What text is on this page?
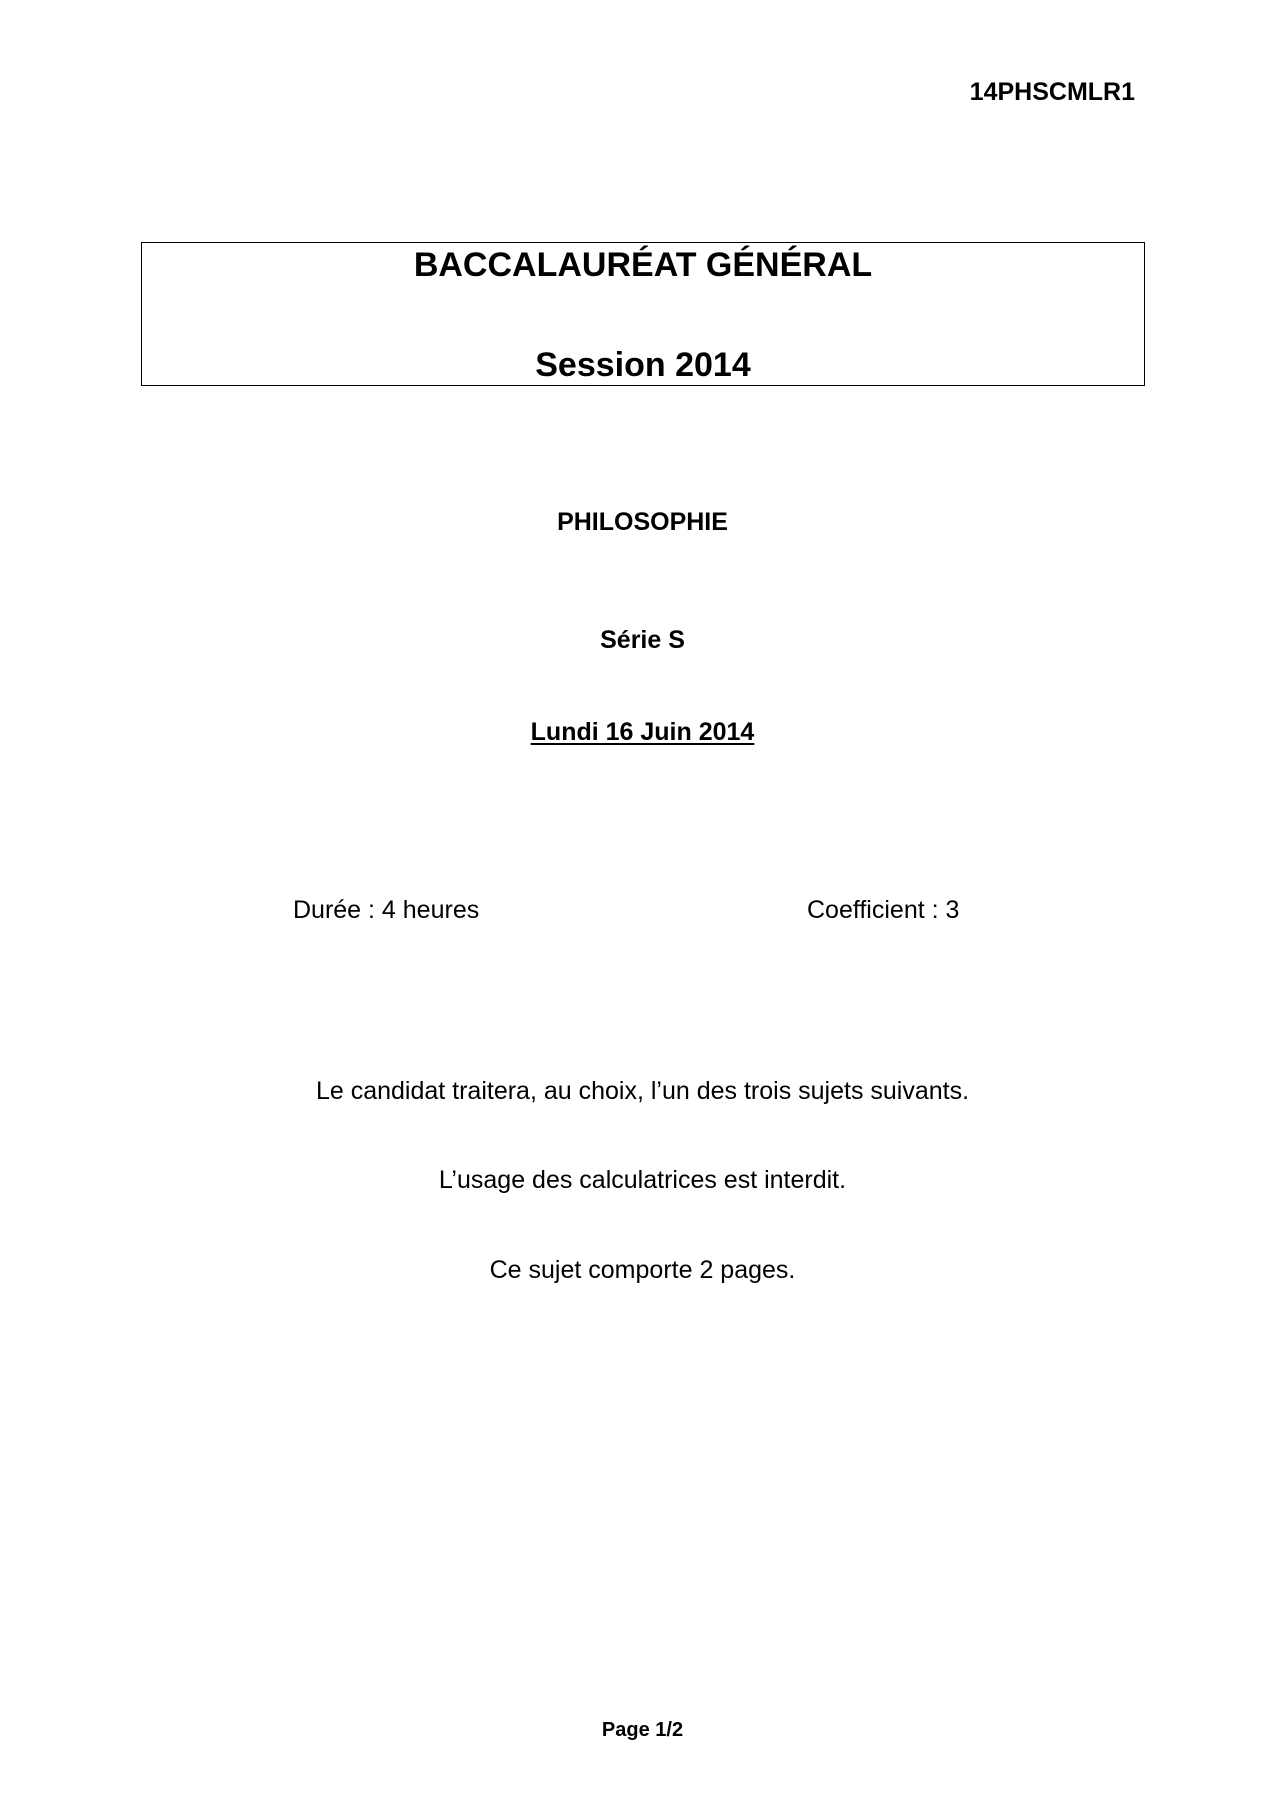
14PHSCMLR1
BACCALAURÉAT GÉNÉRAL
Session 2014
PHILOSOPHIE
Série S
Lundi 16 Juin 2014
Durée : 4 heures	Coefficient : 3
Le candidat traitera, au choix, l’un des trois sujets suivants.
L’usage des calculatrices est interdit.
Ce sujet comporte 2 pages.
Page 1/2
